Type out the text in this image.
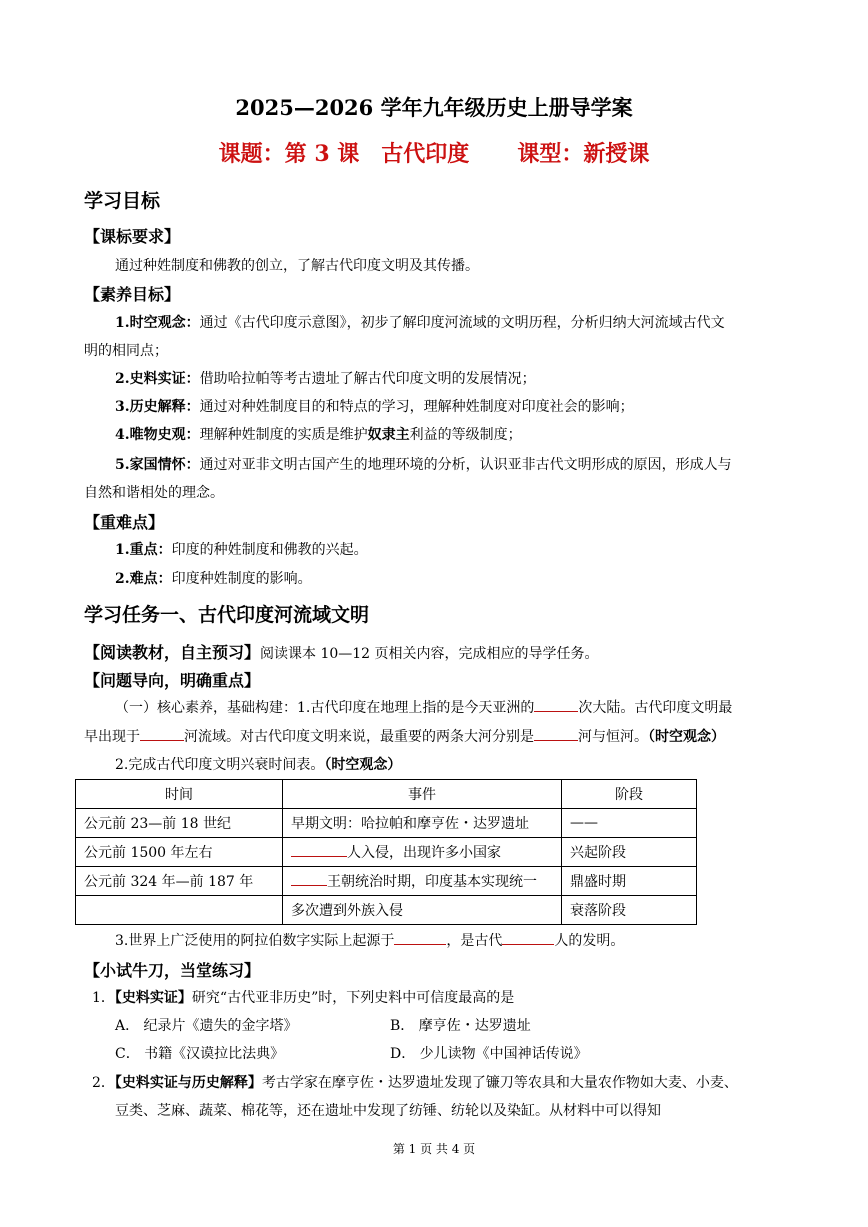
2025—2026 学年九年级历史上册导学案
课题：第 3 课　古代印度 课型：新授课
学习目标
【课标要求】
通过种姓制度和佛教的创立，了解古代印度文明及其传播。
【素养目标】
1.时空观念：通过《古代印度示意图》，初步了解印度河流域的文明历程，分析归纳大河流域古代文
明的相同点；
2.史料实证：借助哈拉帕等考古遗址了解古代印度文明的发展情况；
3.历史解释：通过对种姓制度目的和特点的学习，理解种姓制度对印度社会的影响；
4.唯物史观：理解种姓制度的实质是维护奴隶主利益的等级制度；
5.家国情怀：通过对亚非文明古国产生的地理环境的分析，认识亚非古代文明形成的原因，形成人与
自然和谐相处的理念。
【重难点】
1.重点：印度的种姓制度和佛教的兴起。
2.难点：印度种姓制度的影响。
学习任务一、古代印度河流域文明
【阅读教材，自主预习】阅读课本 10—12 页相关内容，完成相应的导学任务。
【问题导向，明确重点】
（一）核心素养，基础构建：1.古代印度在地理上指的是今天亚洲的	次大陆。古代印度文明最
早出现于	河流域。对古代印度文明来说，最重要的两条大河分别是	河与恒河。（时空观念）
2.完成古代印度文明兴衰时间表。（时空观念）
时间	事件	阶段
公元前 23—前 18 世纪	早期文明：哈拉帕和摩亨佐・达罗遗址	——
公元前 1500 年左右	人入侵，出现许多小国家	兴起阶段
公元前 324 年—前 187 年	王朝统治时期，印度基本实现统一	鼎盛时期
	多次遭到外族入侵	衰落阶段
3.世界上广泛使用的阿拉伯数字实际上起源于	，是古代	人的发明。
【小试牛刀，当堂练习】
1．【史料实证】研究“古代亚非历史”时，下列史料中可信度最高的是
A． 纪录片《遗失的金字塔》	B． 摩亨佐・达罗遗址
C． 书籍《汉谟拉比法典》	D． 少儿读物《中国神话传说》
2．【史料实证与历史解释】考古学家在摩亨佐・达罗遗址发现了镰刀等农具和大量农作物如大麦、小麦、
豆类、芝麻、蔬菜、棉花等，还在遗址中发现了纺锤、纺轮以及染缸。从材料中可以得知
第 1 页 共 4 页
